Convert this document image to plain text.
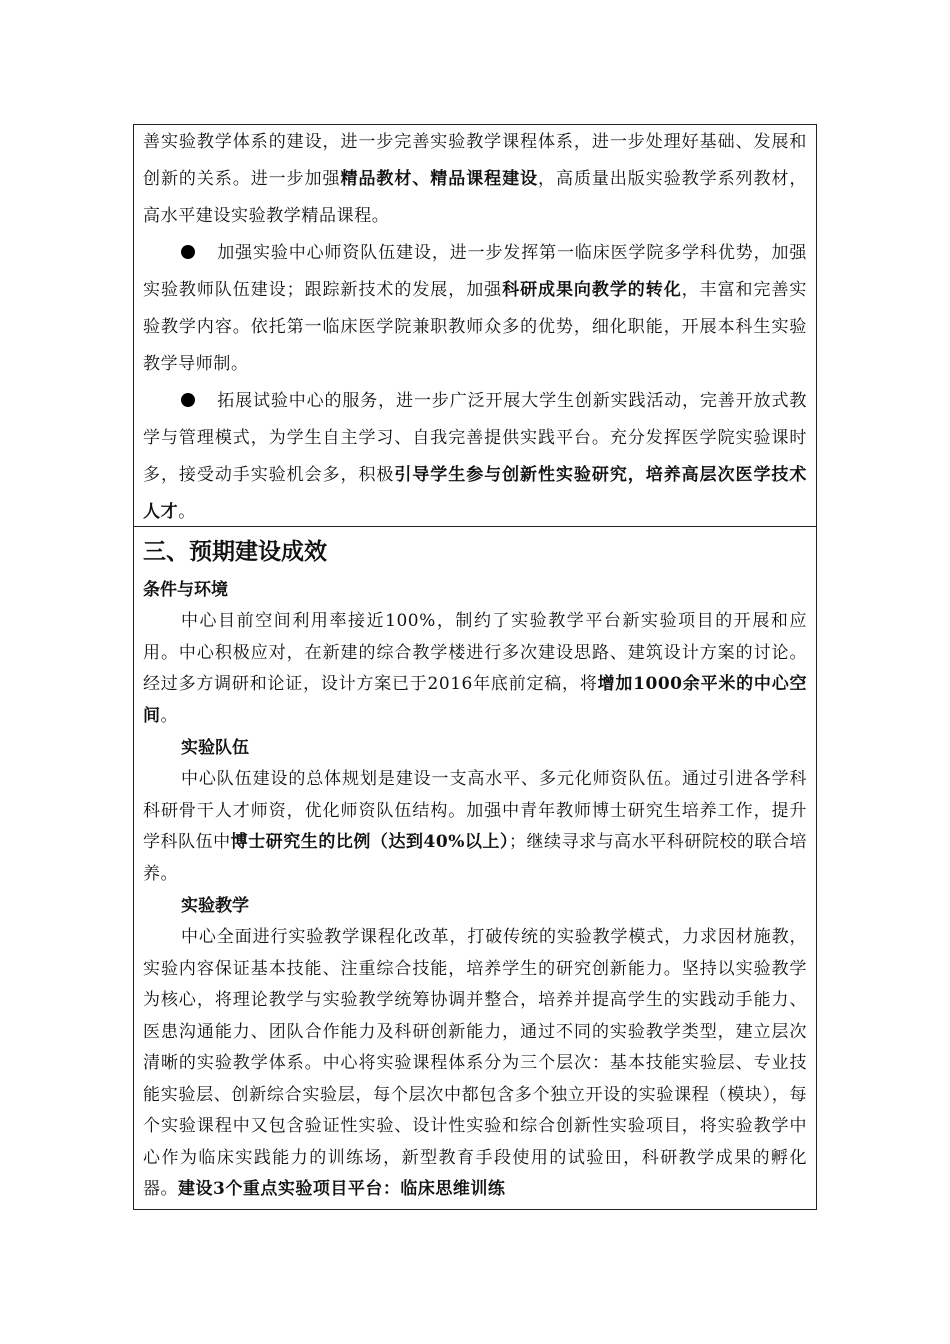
善实验教学体系的建设，进一步完善实验教学课程体系，进一步处理好基础、发展和创新的关系。进一步加强精品教材、精品课程建设，高质量出版实验教学系列教材，高水平建设实验教学精品课程。

加强实验中心师资队伍建设，进一步发挥第一临床医学院多学科优势，加强实验教师队伍建设；跟踪新技术的发展，加强科研成果向教学的转化，丰富和完善实验教学内容。依托第一临床医学院兼职教师众多的优势，细化职能，开展本科生实验教学导师制。

拓展试验中心的服务，进一步广泛开展大学生创新实践活动，完善开放式教学与管理模式，为学生自主学习、自我完善提供实践平台。充分发挥医学院实验课时多，接受动手实验机会多，积极引导学生参与创新性实验研究，培养高层次医学技术人才。

三、预期建设成效

条件与环境

中心目前空间利用率接近100%，制约了实验教学平台新实验项目的开展和应用。中心积极应对，在新建的综合教学楼进行多次建设思路、建筑设计方案的讨论。经过多方调研和论证，设计方案已于2016年底前定稿，将增加1000余平米的中心空间。

实验队伍

中心队伍建设的总体规划是建设一支高水平、多元化师资队伍。通过引进各学科科研骨干人才师资，优化师资队伍结构。加强中青年教师博士研究生培养工作，提升学科队伍中博士研究生的比例（达到40%以上）；继续寻求与高水平科研院校的联合培养。

实验教学

中心全面进行实验教学课程化改革，打破传统的实验教学模式，力求因材施教，实验内容保证基本技能、注重综合技能，培养学生的研究创新能力。坚持以实验教学为核心，将理论教学与实验教学统筹协调并整合，培养并提高学生的实践动手能力、医患沟通能力、团队合作能力及科研创新能力，通过不同的实验教学类型，建立层次清晰的实验教学体系。中心将实验课程体系分为三个层次：基本技能实验层、专业技能实验层、创新综合实验层，每个层次中都包含多个独立开设的实验课程（模块），每个实验课程中又包含验证性实验、设计性实验和综合创新性实验项目，将实验教学中心作为临床实践能力的训练场，新型教育手段使用的试验田，科研教学成果的孵化器。建设3个重点实验项目平台：临床思维训练
